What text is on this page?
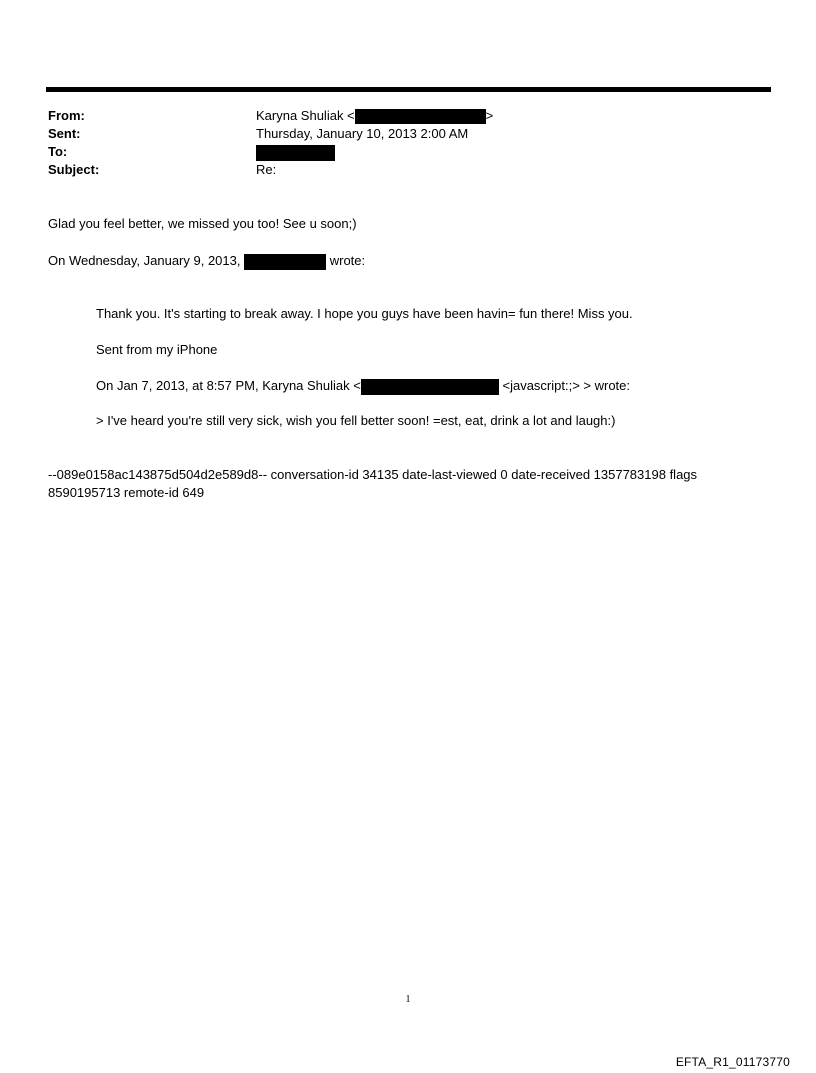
From:	Karyna Shuliak <	>
Sent:	Thursday, January 10, 2013 2:00 AM
To:
Subject:	Re:
Glad you feel better, we missed you too! See u soon;)
On Wednesday, January 9, 2013,	wrote:
Thank you. It's starting to break away. I hope you guys have been havin= fun there! Miss you.
Sent from my iPhone
On Jan 7, 2013, at 8:57 PM, Karyna Shuliak <	<javascript:;> > wrote:
> I've heard you're still very sick, wish you fell better soon! =est, eat, drink a lot and laugh:)
--089e0158ac143875d504d2e589d8-- conversation-id 34135 date-last-viewed 0 date-received 1357783198 flags 8590195713 remote-id 649
1
EFTA_R1_01173770
